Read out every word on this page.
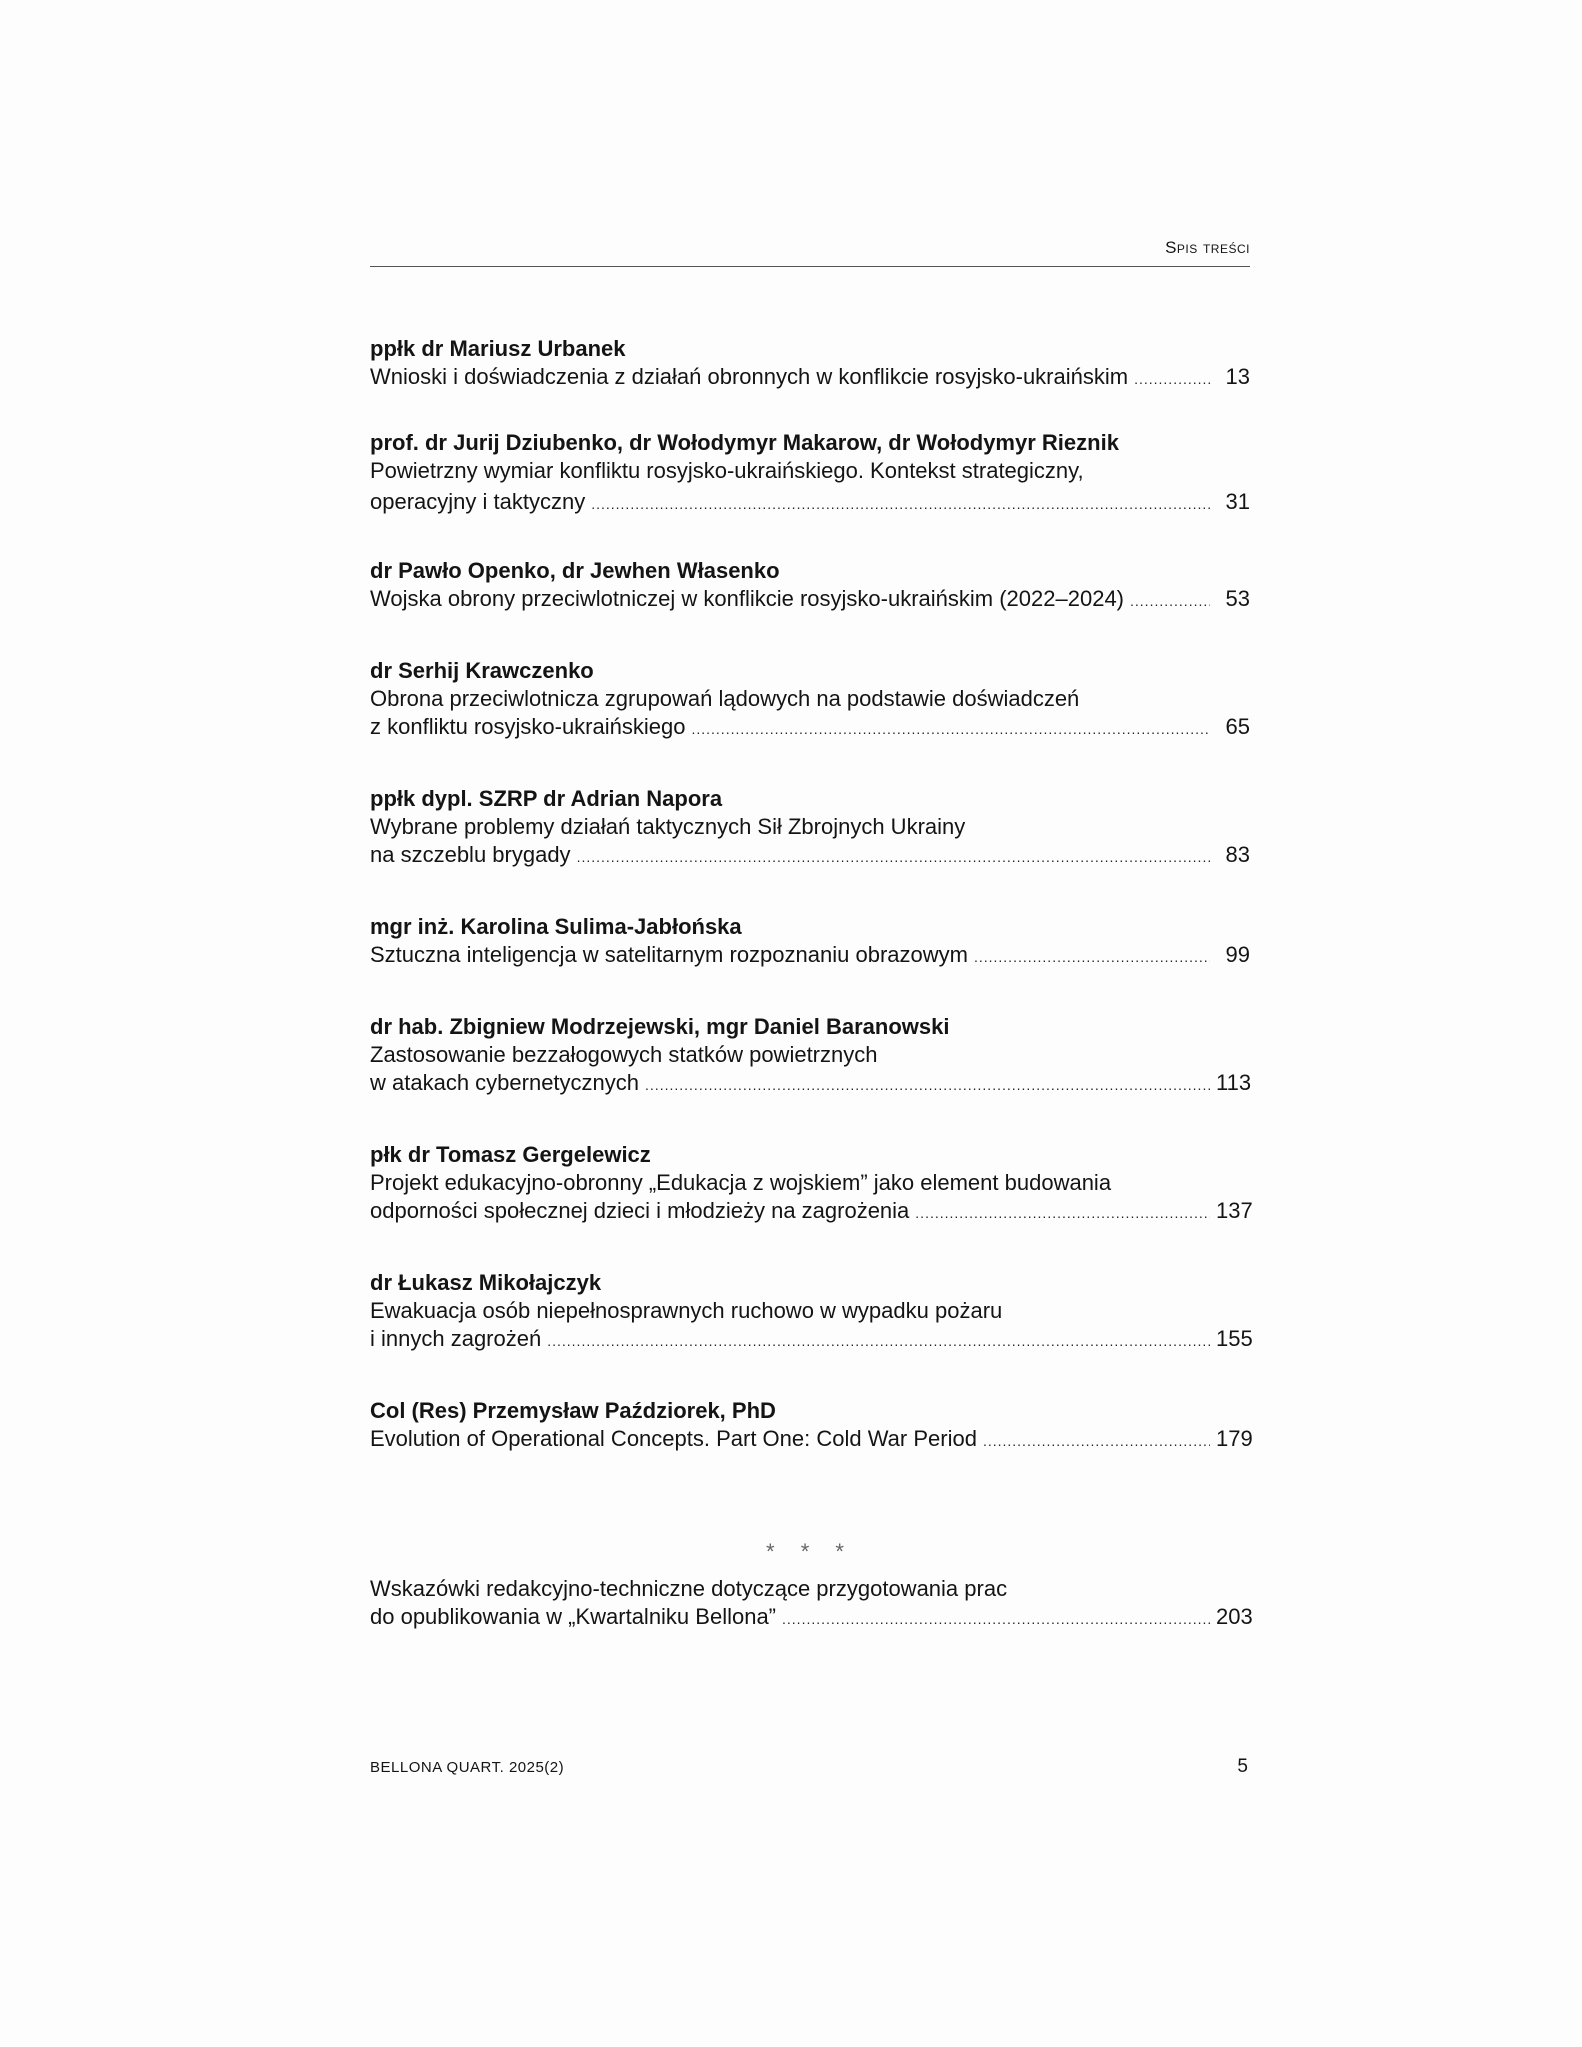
Spis treści
ppłk dr Mariusz Urbanek
Wnioski i doświadczenia z działań obronnych w konflikcie rosyjsko-ukraińskim .....	13
prof. dr Jurij Dziubenko, dr Wołodymyr Makarow, dr Wołodymyr Rieznik
Powietrzny wymiar konfliktu rosyjsko-ukraińskiego. Kontekst strategiczny,
operacyjny i taktyczny .....	31
dr Pawło Openko, dr Jewhen Własenko
Wojska obrony przeciwlotniczej w konflikcie rosyjsko-ukraińskim (2022–2024) .....	53
dr Serhij Krawczenko
Obrona przeciwlotnicza zgrupowań lądowych na podstawie doświadczeń
z konfliktu rosyjsko-ukraińskiego .....	65
ppłk dypl. SZRP dr Adrian Napora
Wybrane problemy działań taktycznych Sił Zbrojnych Ukrainy
na szczeblu brygady .....	83
mgr inż. Karolina Sulima-Jabłońska
Sztuczna inteligencja w satelitarnym rozpoznaniu obrazowym .....	99
dr hab. Zbigniew Modrzejewski, mgr Daniel Baranowski
Zastosowanie bezzałogowych statków powietrznych
w atakach cybernetycznych .....	113
płk dr Tomasz Gergelewicz
Projekt edukacyjno-obronny „Edukacja z wojskiem” jako element budowania
odporności społecznej dzieci i młodzieży na zagrożenia .....	137
dr Łukasz Mikołajczyk
Ewakuacja osób niepełnosprawnych ruchowo w wypadku pożaru
i innych zagrożeń .....	155
Col (Res) Przemysław Paździorek, PhD
Evolution of Operational Concepts. Part One: Cold War Period .....	179
* * *
Wskazówki redakcyjno-techniczne dotyczące przygotowania prac
do opublikowania w „Kwartalniku Bellona” .....	203
BELLONA QUART. 2025(2)	5
